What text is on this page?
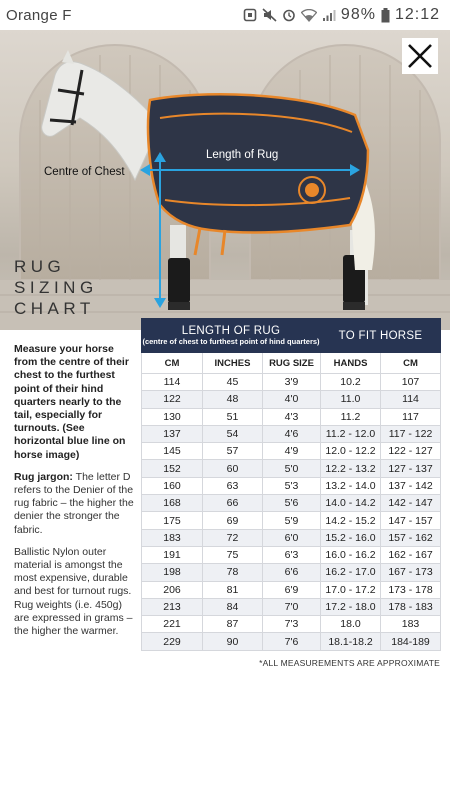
Orange F	98% 12:12
Length of Rug
Centre of Chest
RUG
SIZING
CHART

Measure your horse from the centre of their chest to the furthest point of their hind quarters nearly to the tail, especially for turnouts. (See horizontal blue line on horse image)

Rug jargon: The letter D refers to the Denier of the rug fabric – the higher the denier the stronger the fabric.

Ballistic Nylon outer material is amongst the most expensive, durable and best for turnout rugs. Rug weights (i.e. 450g) are expressed in grams – the higher the warmer.

LENGTH OF RUG
(centre of chest to furthest point of hind quarters)			TO FIT HORSE	

CM	INCHES	RUG SIZE	HANDS	CM
114	45	3'9	10.2	107
122	48	4'0	11.0	114
130	51	4'3	11.2	117
137	54	4'6	11.2 - 12.0	117 - 122
145	57	4'9	12.0 - 12.2	122 - 127
152	60	5'0	12.2 - 13.2	127 - 137
160	63	5'3	13.2 - 14.0	137 - 142
168	66	5'6	14.0 - 14.2	142 - 147
175	69	5'9	14.2 - 15.2	147 - 157
183	72	6'0	15.2 - 16.0	157 - 162
191	75	6'3	16.0 - 16.2	162 - 167
198	78	6'6	16.2 - 17.0	167 - 173
206	81	6'9	17.0 - 17.2	173 - 178
213	84	7'0	17.2 - 18.0	178 - 183
221	87	7'3	18.0	183
229	90	7'6	18.1-18.2	184-189
*ALL MEASUREMENTS ARE APPROXIMATE
